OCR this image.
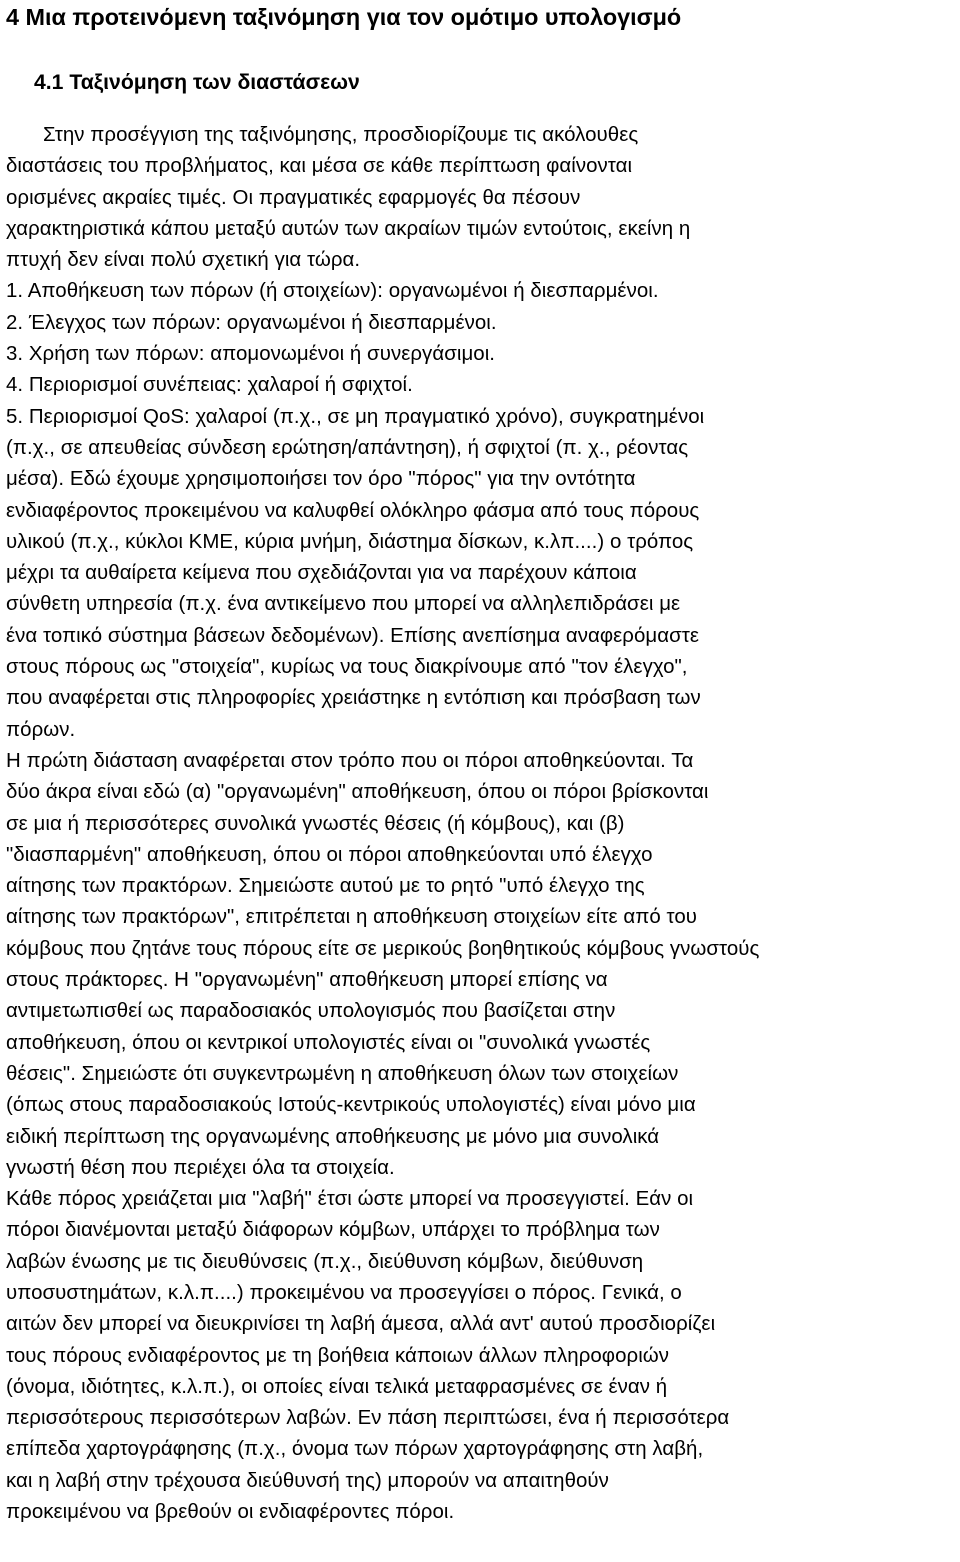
4 Μια προτεινόμενη ταξινόμηση για τον ομότιμο υπολογισμό
4.1 Ταξινόμηση των διαστάσεων
Στην προσέγγιση της ταξινόμησης, προσδιορίζουμε τις ακόλουθες
διαστάσεις του προβλήματος, και μέσα σε κάθε περίπτωση φαίνονται
ορισμένες ακραίες τιμές. Οι πραγματικές εφαρμογές θα πέσουν
χαρακτηριστικά κάπου μεταξύ αυτών των ακραίων τιμών εντούτοις, εκείνη η
πτυχή δεν είναι πολύ σχετική για τώρα.
1. Αποθήκευση των πόρων (ή στοιχείων): οργανωμένοι ή διεσπαρμένοι.
2. Έλεγχος των πόρων: οργανωμένοι ή διεσπαρμένοι.
3. Χρήση των πόρων: απομονωμένοι ή συνεργάσιμοι.
4. Περιορισμοί συνέπειας: χαλαροί ή σφιχτοί.
5. Περιορισμοί QoS: χαλαροί (π.χ., σε μη πραγματικό χρόνο), συγκρατημένοι
(π.χ., σε απευθείας σύνδεση ερώτηση/απάντηση), ή σφιχτοί (π. χ., ρέοντας
μέσα). Εδώ έχουμε χρησιμοποιήσει τον όρο "πόρος" για την οντότητα
ενδιαφέροντος προκειμένου να καλυφθεί ολόκληρο φάσμα από τους πόρους
υλικού (π.χ., κύκλοι ΚΜΕ, κύρια μνήμη, διάστημα δίσκων, κ.λπ....) ο τρόπος
μέχρι τα αυθαίρετα κείμενα που σχεδιάζονται για να παρέχουν κάποια
σύνθετη υπηρεσία (π.χ. ένα αντικείμενο που μπορεί να αλληλεπιδράσει με
ένα τοπικό σύστημα βάσεων δεδομένων). Επίσης ανεπίσημα αναφερόμαστε
στους πόρους ως "στοιχεία", κυρίως να τους διακρίνουμε από "τον έλεγχο",
που αναφέρεται στις πληροφορίες χρειάστηκε η εντόπιση και πρόσβαση των
πόρων.
Η πρώτη διάσταση αναφέρεται στον τρόπο που οι πόροι αποθηκεύονται. Τα
δύο άκρα είναι εδώ (α) "οργανωμένη" αποθήκευση, όπου οι πόροι βρίσκονται
σε μια ή περισσότερες συνολικά γνωστές θέσεις (ή κόμβους), και (β)
"διασπαρμένη" αποθήκευση, όπου οι πόροι αποθηκεύονται υπό έλεγχο
αίτησης των πρακτόρων. Σημειώστε αυτού με το ρητό "υπό έλεγχο της
αίτησης των πρακτόρων", επιτρέπεται η αποθήκευση στοιχείων είτε από του
κόμβους που ζητάνε τους πόρους είτε σε μερικούς βοηθητικούς κόμβους γνωστούς
στους πράκτορες. Η "οργανωμένη" αποθήκευση μπορεί επίσης να
αντιμετωπισθεί ως παραδοσιακός υπολογισμός που βασίζεται στην
αποθήκευση, όπου οι κεντρικοί υπολογιστές είναι οι "συνολικά γνωστές
θέσεις". Σημειώστε ότι συγκεντρωμένη η αποθήκευση όλων των στοιχείων
(όπως στους παραδοσιακούς Ιστούς-κεντρικούς υπολογιστές) είναι μόνο μια
ειδική περίπτωση της οργανωμένης αποθήκευσης με μόνο μια συνολικά
γνωστή θέση που περιέχει όλα τα στοιχεία.
Κάθε πόρος χρειάζεται μια "λαβή" έτσι ώστε μπορεί να προσεγγιστεί. Εάν οι
πόροι διανέμονται μεταξύ διάφορων κόμβων, υπάρχει το πρόβλημα των
λαβών ένωσης με τις διευθύνσεις (π.χ., διεύθυνση κόμβων, διεύθυνση
υποσυστημάτων, κ.λ.π....) προκειμένου να προσεγγίσει ο πόρος. Γενικά, ο
αιτών δεν μπορεί να διευκρινίσει τη λαβή άμεσα, αλλά αντ' αυτού προσδιορίζει
τους πόρους ενδιαφέροντος με τη βοήθεια κάποιων άλλων πληροφοριών
(όνομα, ιδιότητες, κ.λ.π.), οι οποίες είναι τελικά μεταφρασμένες σε έναν ή
περισσότερους περισσότερων λαβών. Εν πάση περιπτώσει, ένα ή περισσότερα
επίπεδα χαρτογράφησης (π.χ., όνομα των πόρων χαρτογράφησης στη λαβή,
και η λαβή στην τρέχουσα διεύθυνσή της) μπορούν να απαιτηθούν
προκειμένου να βρεθούν οι ενδιαφέροντες πόροι.
